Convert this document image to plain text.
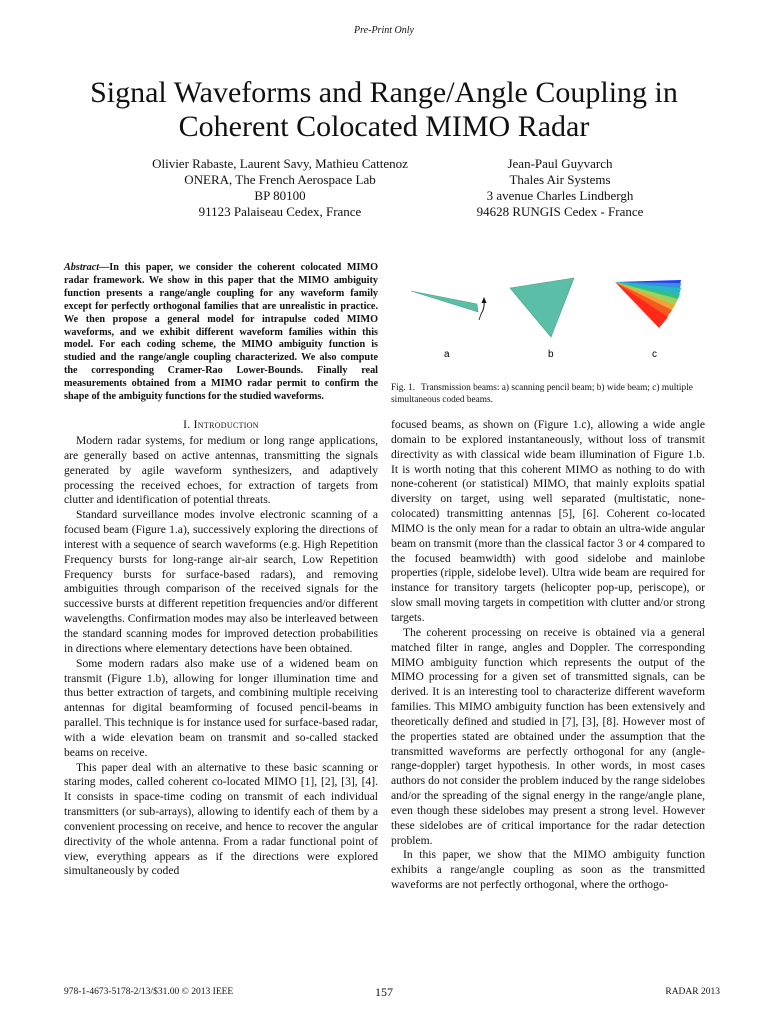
Pre-Print Only
Signal Waveforms and Range/Angle Coupling in Coherent Colocated MIMO Radar
Olivier Rabaste, Laurent Savy, Mathieu Cattenoz
ONERA, The French Aerospace Lab
BP 80100
91123 Palaiseau Cedex, France
Jean-Paul Guyvarch
Thales Air Systems
3 avenue Charles Lindbergh
94628 RUNGIS Cedex - France
Abstract—In this paper, we consider the coherent colocated MIMO radar framework. We show in this paper that the MIMO ambiguity function presents a range/angle coupling for any waveform family except for perfectly orthogonal families that are unrealistic in practice. We then propose a general model for intrapulse coded MIMO waveforms, and we exhibit different waveform families within this model. For each coding scheme, the MIMO ambiguity function is studied and the range/angle coupling characterized. We also compute the corresponding Cramer-Rao Lower-Bounds. Finally real measurements obtained from a MIMO radar permit to confirm the shape of the ambiguity functions for the studied waveforms.
a	b	c
Fig. 1. Transmission beams: a) scanning pencil beam; b) wide beam; c) multiple simultaneous coded beams.
I. Introduction

Modern radar systems, for medium or long range applications, are generally based on active antennas, transmitting the signals generated by agile waveform synthesizers, and adaptively processing the received echoes, for extraction of targets from clutter and identification of potential threats.

Standard surveillance modes involve electronic scanning of a focused beam (Figure 1.a), successively exploring the directions of interest with a sequence of search waveforms (e.g. High Repetition Frequency bursts for long-range air-air search, Low Repetition Frequency bursts for surface-based radars), and removing ambiguities through comparison of the received signals for the successive bursts at different repetition frequencies and/or different wavelengths. Confirmation modes may also be interleaved between the standard scanning modes for improved detection probabilities in directions where elementary detections have been obtained.

Some modern radars also make use of a widened beam on transmit (Figure 1.b), allowing for longer illumination time and thus better extraction of targets, and combining multiple receiving antennas for digital beamforming of focused pencil-beams in parallel. This technique is for instance used for surface-based radar, with a wide elevation beam on transmit and so-called stacked beams on receive.

This paper deal with an alternative to these basic scanning or staring modes, called coherent co-located MIMO [1], [2], [3], [4]. It consists in space-time coding on transmit of each individual transmitters (or sub-arrays), allowing to identify each of them by a convenient processing on receive, and hence to recover the angular directivity of the whole antenna. From a radar functional point of view, everything appears as if the directions were explored simultaneously by coded

focused beams, as shown on (Figure 1.c), allowing a wide angle domain to be explored instantaneously, without loss of transmit directivity as with classical wide beam illumination of Figure 1.b. It is worth noting that this coherent MIMO as nothing to do with none-coherent (or statistical) MIMO, that mainly exploits spatial diversity on target, using well separated (multistatic, none-colocated) transmitting antennas [5], [6]. Coherent co-located MIMO is the only mean for a radar to obtain an ultra-wide angular beam on transmit (more than the classical factor 3 or 4 compared to the focused beamwidth) with good sidelobe and mainlobe properties (ripple, sidelobe level). Ultra wide beam are required for instance for transitory targets (helicopter pop-up, periscope), or slow small moving targets in competition with clutter and/or strong targets.

The coherent processing on receive is obtained via a general matched filter in range, angles and Doppler. The corresponding MIMO ambiguity function which represents the output of the MIMO processing for a given set of transmitted signals, can be derived. It is an interesting tool to characterize different waveform families. This MIMO ambiguity function has been extensively and theoretically defined and studied in [7], [3], [8]. However most of the properties stated are obtained under the assumption that the transmitted waveforms are perfectly orthogonal for any (angle-range-doppler) target hypothesis. In other words, in most cases authors do not consider the problem induced by the range sidelobes and/or the spreading of the signal energy in the range/angle plane, even though these sidelobes may present a strong level. However these sidelobes are of critical importance for the radar detection problem.

In this paper, we show that the MIMO ambiguity function exhibits a range/angle coupling as soon as the transmitted waveforms are not perfectly orthogonal, where the orthogo-

978-1-4673-5178-2/13/$31.00 © 2013 IEEE	157	RADAR 2013
